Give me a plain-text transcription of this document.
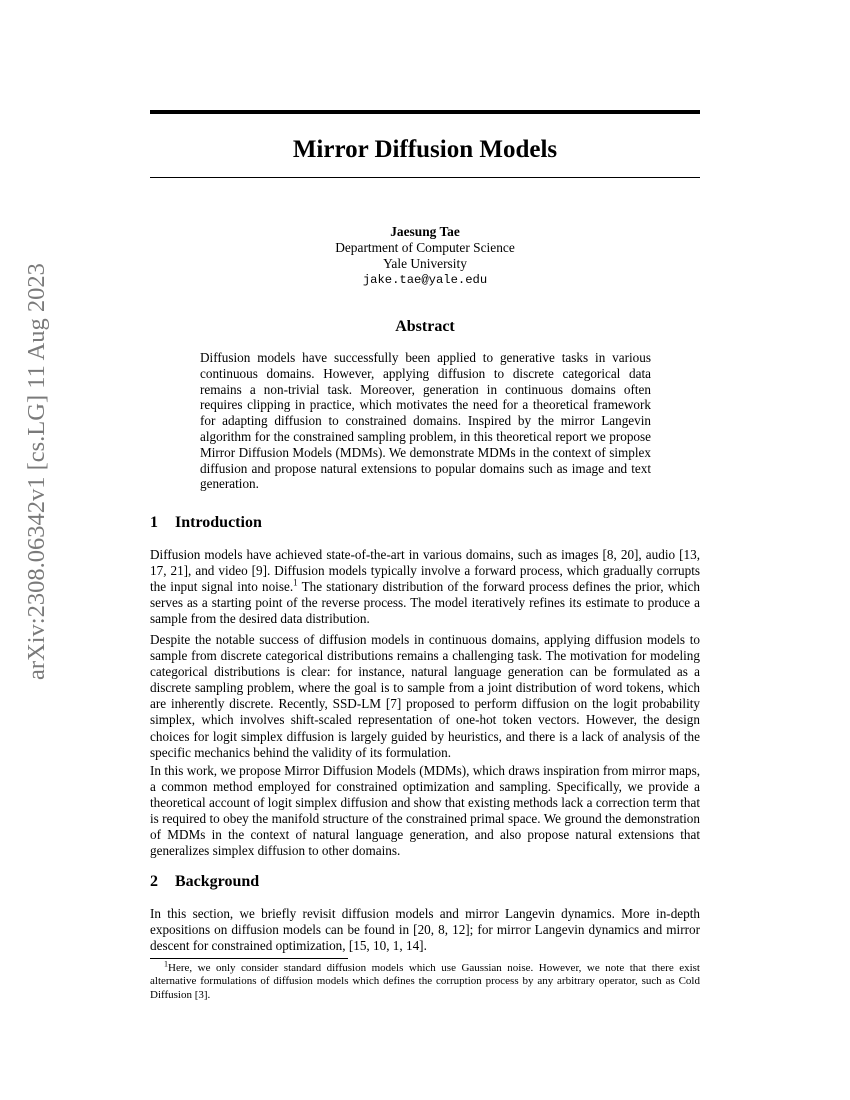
arXiv:2308.06342v1 [cs.LG] 11 Aug 2023
Mirror Diffusion Models
Jaesung Tae
Department of Computer Science
Yale University
jake.tae@yale.edu
Abstract
Diffusion models have successfully been applied to generative tasks in various continuous domains. However, applying diffusion to discrete categorical data remains a non-trivial task. Moreover, generation in continuous domains often requires clipping in practice, which motivates the need for a theoretical framework for adapting diffusion to constrained domains. Inspired by the mirror Langevin algorithm for the constrained sampling problem, in this theoretical report we propose Mirror Diffusion Models (MDMs). We demonstrate MDMs in the context of simplex diffusion and propose natural extensions to popular domains such as image and text generation.
1 Introduction

Diffusion models have achieved state-of-the-art in various domains, such as images [8, 20], audio [13, 17, 21], and video [9]. Diffusion models typically involve a forward process, which gradually corrupts the input signal into noise.$^1$ The stationary distribution of the forward process defines the prior, which serves as a starting point of the reverse process. The model iteratively refines its estimate to produce a sample from the desired data distribution.

Despite the notable success of diffusion models in continuous domains, applying diffusion models to sample from discrete categorical distributions remains a challenging task. The motivation for modeling categorical distributions is clear: for instance, natural language generation can be formulated as a discrete sampling problem, where the goal is to sample from a joint distribution of word tokens, which are inherently discrete. Recently, SSD-LM [7] proposed to perform diffusion on the logit probability simplex, which involves shift-scaled representation of one-hot token vectors. However, the design choices for logit simplex diffusion is largely guided by heuristics, and there is a lack of analysis of the specific mechanics behind the validity of its formulation.

In this work, we propose Mirror Diffusion Models (MDMs), which draws inspiration from mirror maps, a common method employed for constrained optimization and sampling. Specifically, we provide a theoretical account of logit simplex diffusion and show that existing methods lack a correction term that is required to obey the manifold structure of the constrained primal space. We ground the demonstration of MDMs in the context of natural language generation, and also propose natural extensions that generalizes simplex diffusion to other domains.

2 Background

In this section, we briefly revisit diffusion models and mirror Langevin dynamics. More in-depth expositions on diffusion models can be found in [20, 8, 12]; for mirror Langevin dynamics and mirror descent for constrained optimization, [15, 10, 1, 14].

$^1$Here, we only consider standard diffusion models which use Gaussian noise. However, we note that there exist alternative formulations of diffusion models which defines the corruption process by any arbitrary operator, such as Cold Diffusion [3].
